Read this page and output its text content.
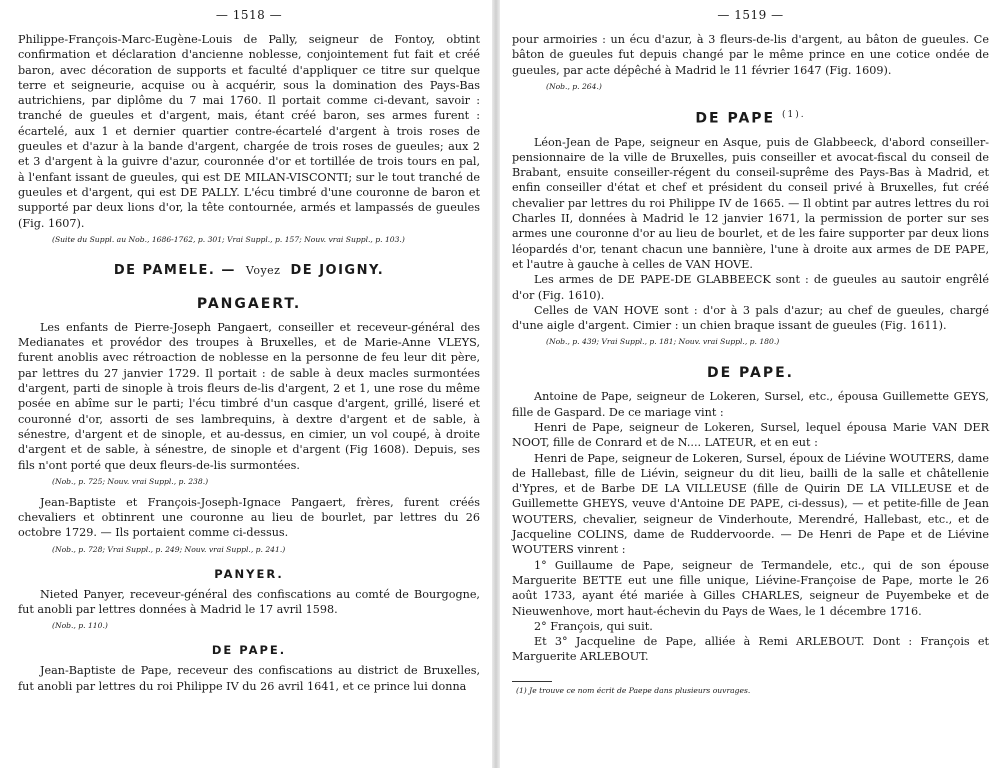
— 1518 —

Philippe-François-Marc-Eugène-Louis de Pally, seigneur de Fontoy, obtint confirmation et déclaration d'ancienne noblesse, conjointement fut fait et créé baron, avec décoration de supports et faculté d'appliquer ce titre sur quelque terre et seigneurie, acquise ou à acquérir, sous la domination des Pays-Bas autrichiens, par diplôme du 7 mai 1760. Il portait comme ci-devant, savoir : tranché de gueules et d'argent, mais, étant créé baron, ses armes furent : écartelé, aux 1 et dernier quartier contre-écartelé d'argent à trois roses de gueules et d'azur à la bande d'argent, chargée de trois roses de gueules; aux 2 et 3 d'argent à la guivre d'azur, couronnée d'or et tortillée de trois tours en pal, à l'enfant issant de gueules, qui est DE MILAN-VISCONTI; sur le tout tranché de gueules et d'argent, qui est DE PALLY. L'écu timbré d'une couronne de baron et supporté par deux lions d'or, la tête contournée, armés et lampassés de gueules (Fig. 1607).

(Suite du Suppl. au Nob., 1686-1762, p. 301; Vrai Suppl., p. 157; Nouv. vrai Suppl., p. 103.)
DE PAMELE. — Voyez DE JOIGNY.
PANGAERT.

Les enfants de Pierre-Joseph Pangaert, conseiller et receveur-général des Medianates et provédor des troupes à Bruxelles, et de Marie-Anne VLEYS, furent anoblis avec rétroaction de noblesse en la personne de feu leur dit père, par lettres du 27 janvier 1729. Il portait : de sable à deux macles surmontées d'argent, parti de sinople à trois fleurs de-lis d'argent, 2 et 1, une rose du même posée en abîme sur le parti; l'écu timbré d'un casque d'argent, grillé, liseré et couronné d'or, assorti de ses lambrequins, à dextre d'argent et de sable, à sénestre, d'argent et de sinople, et au-dessus, en cimier, un vol coupé, à droite d'argent et de sable, à sénestre, de sinople et d'argent (Fig 1608). Depuis, ses fils n'ont porté que deux fleurs-de-lis surmontées.

(Nob., p. 725; Nouv. vrai Suppl., p. 238.)

Jean-Baptiste et François-Joseph-Ignace Pangaert, frères, furent créés chevaliers et obtinrent une couronne au lieu de bourlet, par lettres du 26 octobre 1729. — Ils portaient comme ci-dessus.

(Nob., p. 728; Vrai Suppl., p. 249; Nouv. vrai Suppl., p. 241.)
PANYER.

Nieted Panyer, receveur-général des confiscations au comté de Bourgogne, fut anobli par lettres données à Madrid le 17 avril 1598.

(Nob., p. 110.)
DE PAPE.

Jean-Baptiste de Pape, receveur des confiscations au district de Bruxelles, fut anobli par lettres du roi Philippe IV du 26 avril 1641, et ce prince lui donna

— 1519 —

pour armoiries : un écu d'azur, à 3 fleurs-de-lis d'argent, au bâton de gueules. Ce bâton de gueules fut depuis changé par le même prince en une cotice ondée de gueules, par acte dépêché à Madrid le 11 février 1647 (Fig. 1609).

(Nob., p. 264.)
DE PAPE $^{(1).}$

Léon-Jean de Pape, seigneur en Asque, puis de Glabbeeck, d'abord conseiller-pensionnaire de la ville de Bruxelles, puis conseiller et avocat-fiscal du conseil de Brabant, ensuite conseiller-régent du conseil-suprême des Pays-Bas à Madrid, et enfin conseiller d'état et chef et président du conseil privé à Bruxelles, fut créé chevalier par lettres du roi Philippe IV de 1665. — Il obtint par autres lettres du roi Charles II, données à Madrid le 12 janvier 1671, la permission de porter sur ses armes une couronne d'or au lieu de bourlet, et de les faire supporter par deux lions léopardés d'or, tenant chacun une bannière, l'une à droite aux armes de DE PAPE, et l'autre à gauche à celles de VAN HOVE.

Les armes de DE PAPE-DE GLABBEECK sont : de gueules au sautoir engrêlé d'or (Fig. 1610).

Celles de VAN HOVE sont : d'or à 3 pals d'azur; au chef de gueules, chargé d'une aigle d'argent. Cimier : un chien braque issant de gueules (Fig. 1611).

(Nob., p. 439; Vrai Suppl., p. 181; Nouv. vrai Suppl., p. 180.)
DE PAPE.

Antoine de Pape, seigneur de Lokeren, Sursel, etc., épousa Guillemette GEYS, fille de Gaspard. De ce mariage vint :

Henri de Pape, seigneur de Lokeren, Sursel, lequel épousa Marie VAN DER NOOT, fille de Conrard et de N.... LATEUR, et en eut :

Henri de Pape, seigneur de Lokeren, Sursel, époux de Liévine WOUTERS, dame de Hallebast, fille de Liévin, seigneur du dit lieu, bailli de la salle et châtellenie d'Ypres, et de Barbe DE LA VILLEUSE (fille de Quirin DE LA VILLEUSE et de Guillemette GHEYS, veuve d'Antoine DE PAPE, ci-dessus), — et petite-fille de Jean WOUTERS, chevalier, seigneur de Vinderhoute, Merendré, Hallebast, etc., et de Jacqueline COLINS, dame de Ruddervoorde. — De Henri de Pape et de Liévine WOUTERS vinrent :

1° Guillaume de Pape, seigneur de Termandele, etc., qui de son épouse Marguerite BETTE eut une fille unique, Liévine-Françoise de Pape, morte le 26 août 1733, ayant été mariée à Gilles CHARLES, seigneur de Puyembeke et de Nieuwenhove, mort haut-échevin du Pays de Waes, le 1 décembre 1716.

2° François, qui suit.

Et 3° Jacqueline de Pape, alliée à Remi ARLEBOUT. Dont : François et Marguerite ARLEBOUT.

(1) Je trouve ce nom écrit de Paepe dans plusieurs ouvrages.
